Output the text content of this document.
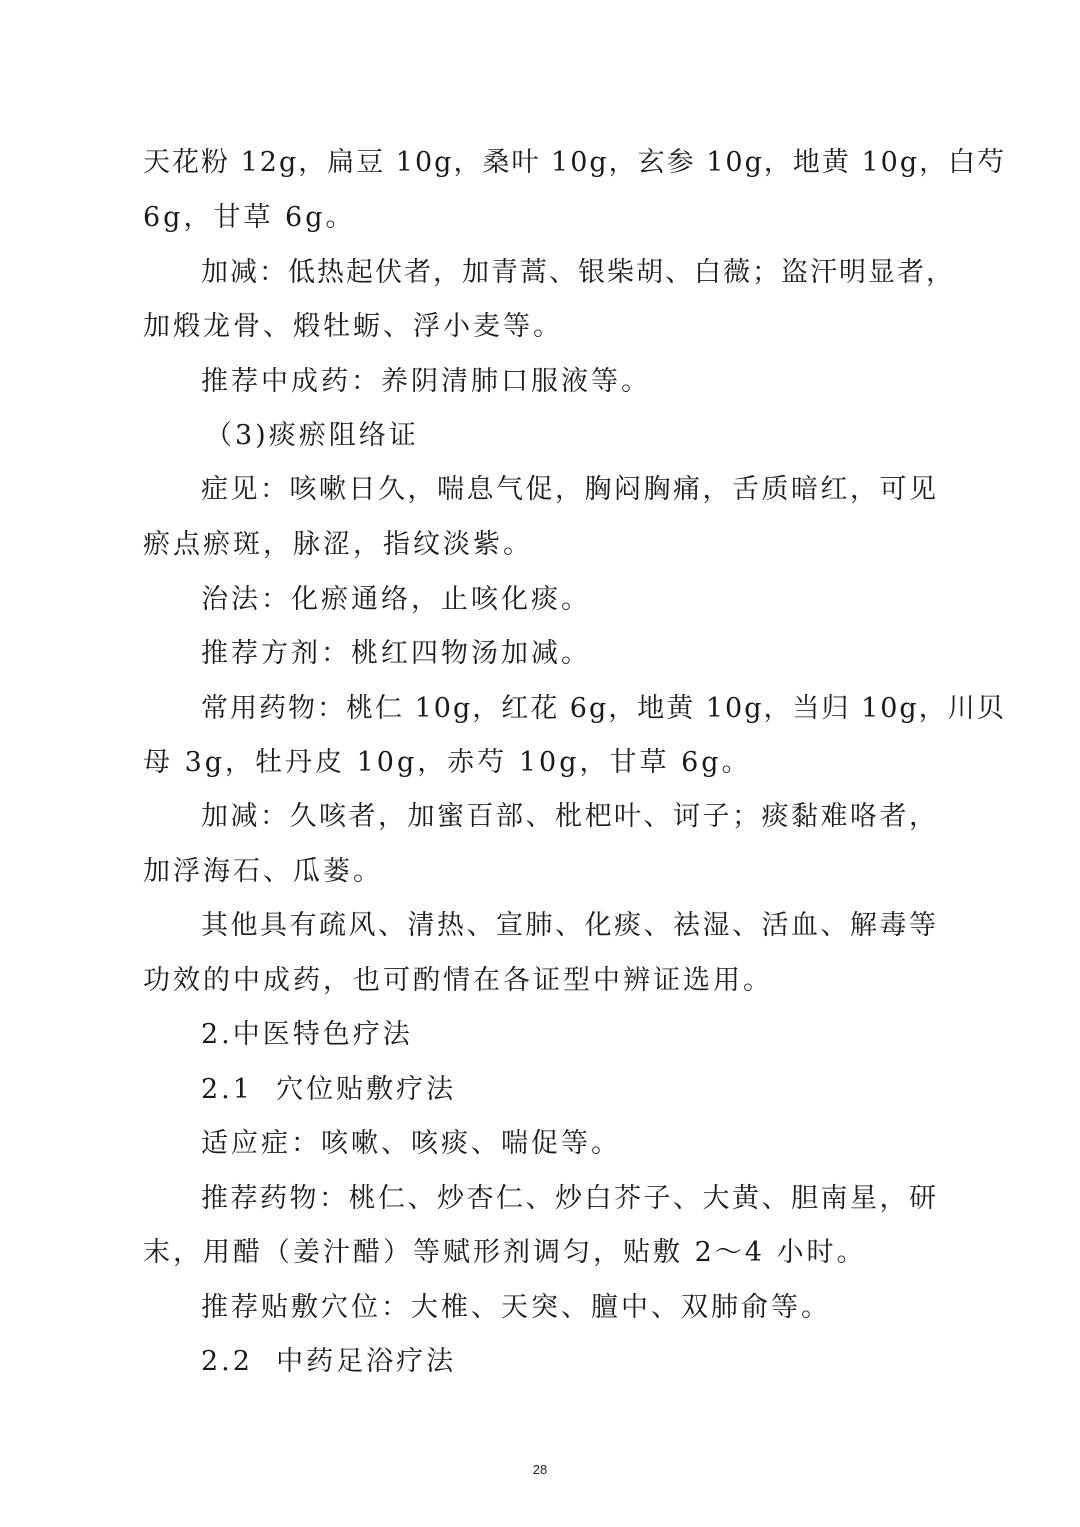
天花粉 12g，扁豆 10g，桑叶 10g，玄参 10g，地黄 10g，白芍
6g，甘草 6g。
加减：低热起伏者，加青蒿、银柴胡、白薇；盗汗明显者，
加煅龙骨、煅牡蛎、浮小麦等。
推荐中成药：养阴清肺口服液等。
（3)痰瘀阻络证
症见：咳嗽日久，喘息气促，胸闷胸痛，舌质暗红，可见
瘀点瘀斑，脉涩，指纹淡紫。
治法：化瘀通络，止咳化痰。
推荐方剂：桃红四物汤加减。
常用药物：桃仁 10g，红花 6g，地黄 10g，当归 10g，川贝
母 3g，牡丹皮 10g，赤芍 10g，甘草 6g。
加减：久咳者，加蜜百部、枇杷叶、诃子；痰黏难咯者，
加浮海石、瓜蒌。
其他具有疏风、清热、宣肺、化痰、祛湿、活血、解毒等
功效的中成药，也可酌情在各证型中辨证选用。
2.中医特色疗法
2.1  穴位贴敷疗法
适应症：咳嗽、咳痰、喘促等。
推荐药物：桃仁、炒杏仁、炒白芥子、大黄、胆南星，研
末，用醋（姜汁醋）等赋形剂调匀，贴敷 2～4 小时。
推荐贴敷穴位：大椎、天突、膻中、双肺俞等。
2.2  中药足浴疗法
28
